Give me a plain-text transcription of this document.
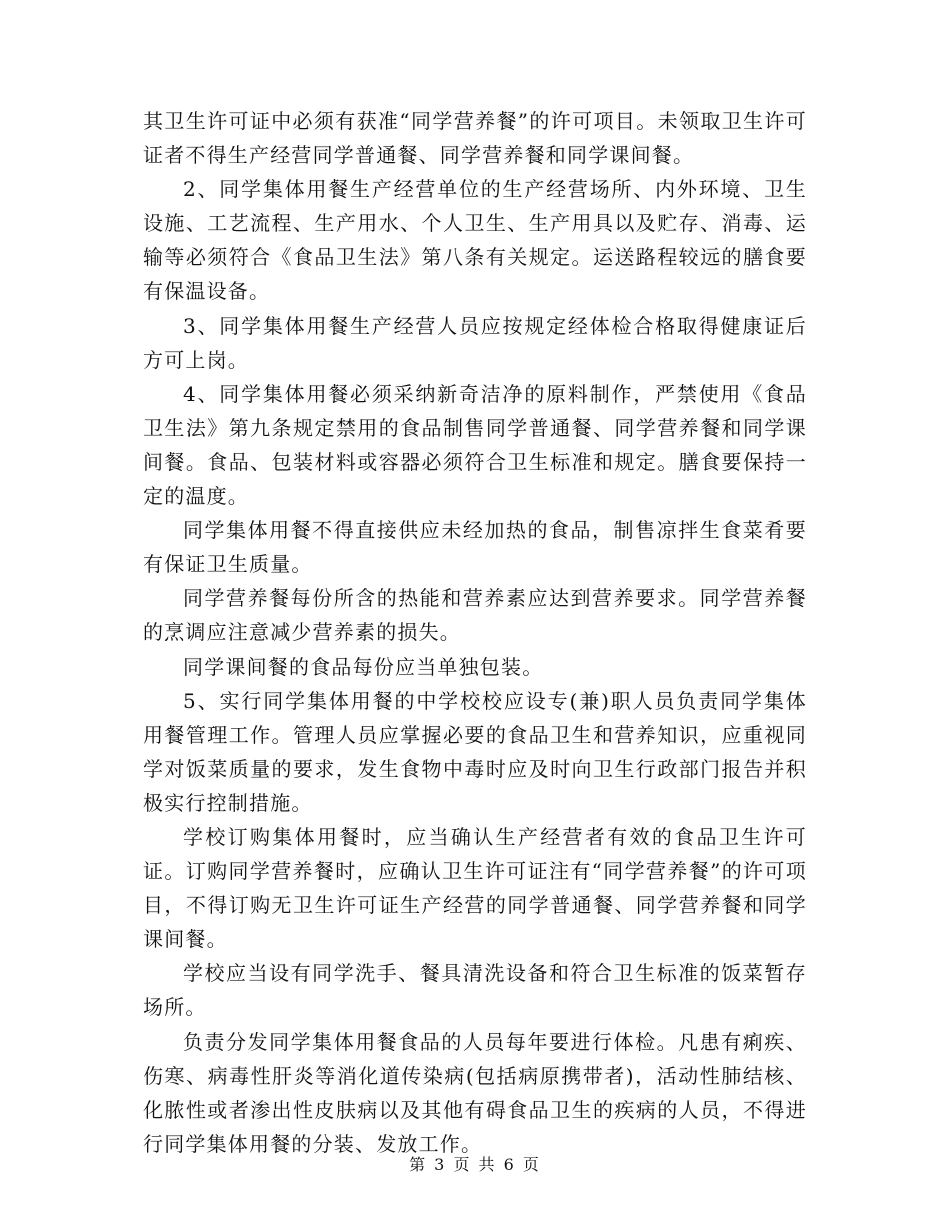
其卫生许可证中必须有获准“同学营养餐”的许可项目。未领取卫生许可证者不得生产经营同学普通餐、同学营养餐和同学课间餐。

2、同学集体用餐生产经营单位的生产经营场所、内外环境、卫生设施、工艺流程、生产用水、个人卫生、生产用具以及贮存、消毒、运输等必须符合《食品卫生法》第八条有关规定。运送路程较远的膳食要有保温设备。

3、同学集体用餐生产经营人员应按规定经体检合格取得健康证后方可上岗。

4、同学集体用餐必须采纳新奇洁净的原料制作，严禁使用《食品卫生法》第九条规定禁用的食品制售同学普通餐、同学营养餐和同学课间餐。食品、包装材料或容器必须符合卫生标准和规定。膳食要保持一定的温度。

同学集体用餐不得直接供应未经加热的食品，制售凉拌生食菜肴要有保证卫生质量。

同学营养餐每份所含的热能和营养素应达到营养要求。同学营养餐的烹调应注意减少营养素的损失。

同学课间餐的食品每份应当单独包装。

5、实行同学集体用餐的中学校校应设专(兼)职人员负责同学集体用餐管理工作。管理人员应掌握必要的食品卫生和营养知识，应重视同学对饭菜质量的要求，发生食物中毒时应及时向卫生行政部门报告并积极实行控制措施。

学校订购集体用餐时，应当确认生产经营者有效的食品卫生许可证。订购同学营养餐时，应确认卫生许可证注有“同学营养餐”的许可项目，不得订购无卫生许可证生产经营的同学普通餐、同学营养餐和同学课间餐。

学校应当设有同学洗手、餐具清洗设备和符合卫生标准的饭菜暂存场所。

负责分发同学集体用餐食品的人员每年要进行体检。凡患有痢疾、伤寒、病毒性肝炎等消化道传染病(包括病原携带者)，活动性肺结核、化脓性或者渗出性皮肤病以及其他有碍食品卫生的疾病的人员，不得进行同学集体用餐的分装、发放工作。

第 3 页 共 6 页
